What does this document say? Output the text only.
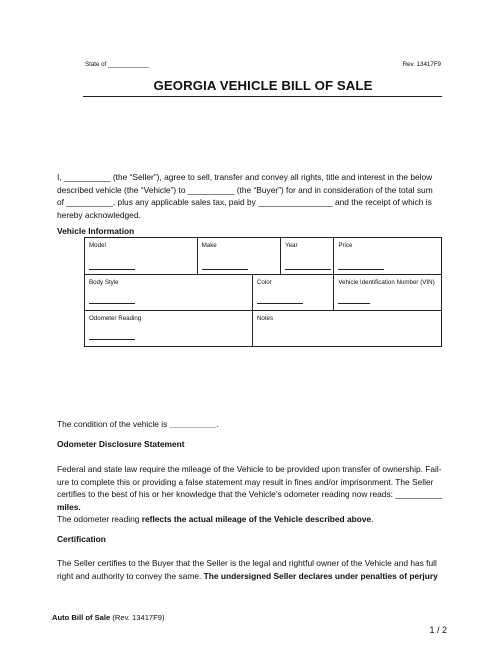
State of ____________	Rev. 13417F9
GEORGIA VEHICLE BILL OF SALE
I, __________ (the “Seller”), agree to sell, transfer and convey all rights, title and interest in the below
described vehicle (the “Vehicle”) to __________ (the “Buyer”) for and in consideration of the total sum
of __________, plus any applicable sales tax, paid by ________________ and the receipt of which is
hereby acknowledged.
Vehicle Information
Model	Make		Year	Price

Body Style		Color		Vehicle Identification Number (VIN)

Odometer Reading		Notes		
The condition of the vehicle is __________.
Odometer Disclosure Statement
Federal and state law require the mileage of the Vehicle to be provided upon transfer of ownership. Fail-
ure to complete this or providing a false statement may result in fines and/or imprisonment. The Seller
certifies to the best of his or her knowledge that the Vehicle’s odometer reading now reads: __________
miles.
The odometer reading reflects the actual mileage of the Vehicle described above.
Certification
The Seller certifies to the Buyer that the Seller is the legal and rightful owner of the Vehicle and has full
right and authority to convey the same. The undersigned Seller declares under penalties of perjury
Auto Bill of Sale (Rev. 13417F9)
1 / 2
